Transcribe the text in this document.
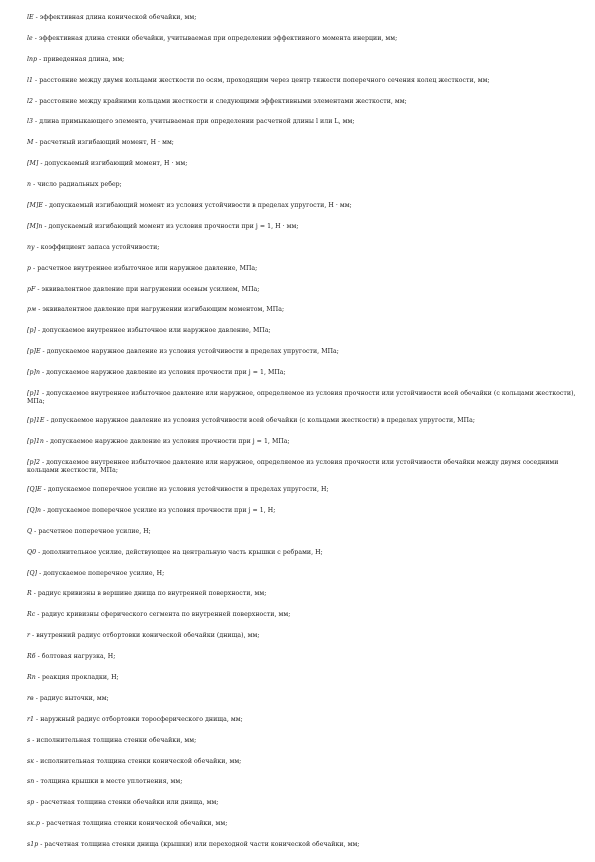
lE - эффективная длина конической обечайки, мм;
le - эффективная длина стенки обечайки, учитываемая при определении эффективного момента инерции, мм;
lпр - приведенная длина, мм;
l1 - расстояние между двумя кольцами жесткости по осям, проходящим через центр тяжести поперечного сечения колец жесткости, мм;
l2 - расстояние между крайними кольцами жесткости и следующими эффективными элементами жесткости, мм;
l3 - длина примыкающего элемента, учитываемая при определении расчетной длины l или L, мм;
M - расчетный изгибающий момент, Н · мм;
[M] - допускаемый изгибающий момент, Н · мм;
n - число радиальных ребер;
[M]E - допускаемый изгибающий момент из условия устойчивости в пределах упругости, Н · мм;
[M]п - допускаемый изгибающий момент из условия прочности при j = 1, Н · мм;
ny - коэффициент запаса устойчивости;
p - расчетное внутреннее избыточное или наружное давление, МПа;
pF - эквивалентное давление при нагружении осевым усилием, МПа;
pм - эквивалентное давление при нагружении изгибающим моментом, МПа;
[p] - допускаемое внутреннее избыточное или наружное давление, МПа;
[p]E - допускаемое наружное давление из условия устойчивости в пределах упругости, МПа;
[p]п - допускаемое наружное давление из условия прочности при j = 1, МПа;
[p]1 - допускаемое внутреннее избыточное давление или наружное, определяемое из условия прочности или устойчивости всей обечайки (с кольцами жесткости), МПа;
[p]1E - допускаемое наружное давление из условия устойчивости всей обечайки (с кольцами жесткости) в пределах упругости, МПа;
[p]1п - допускаемое наружное давление из условия прочности при j = 1, МПа;
[p]2 - допускаемое внутреннее избыточное давление или наружное, определяемое из условия прочности или устойчивости обечайки между двумя соседними кольцами жесткости, МПа;
[Q]E - допускаемое поперечное усилие из условия устойчивости в пределах упругости, Н;
[Q]п - допускаемое поперечное усилие из условия прочности при j = 1, Н;
Q - расчетное поперечное усилие, Н;
Q0 - дополнительное усилие, действующее на центральную часть крышки с ребрами, Н;
[Q] - допускаемое поперечное усилие, Н;
R - радиус кривизны в вершине днища по внутренней поверхности, мм;
Rс - радиус кривизны сферического сегмента по внутренней поверхности, мм;
r - внутренний радиус отбортовки конической обечайки (днища), мм;
Rб - болтовая нагрузка, Н;
Rп - реакция прокладки, Н;
rв - радиус выточки, мм;
r1 - наружный радиус отбортовки торосферического днища, мм;
s - исполнительная толщина стенки обечайки, мм;
sк - исполнительная толщина стенки конической обечайки, мм;
sп - толщина крышки в месте уплотнения, мм;
sр - расчетная толщина стенки обечайки или днища, мм;
sк.р - расчетная толщина стенки конической обечайки, мм;
s1р - расчетная толщина стенки днища (крышки) или переходной части конической обечайки, мм;
